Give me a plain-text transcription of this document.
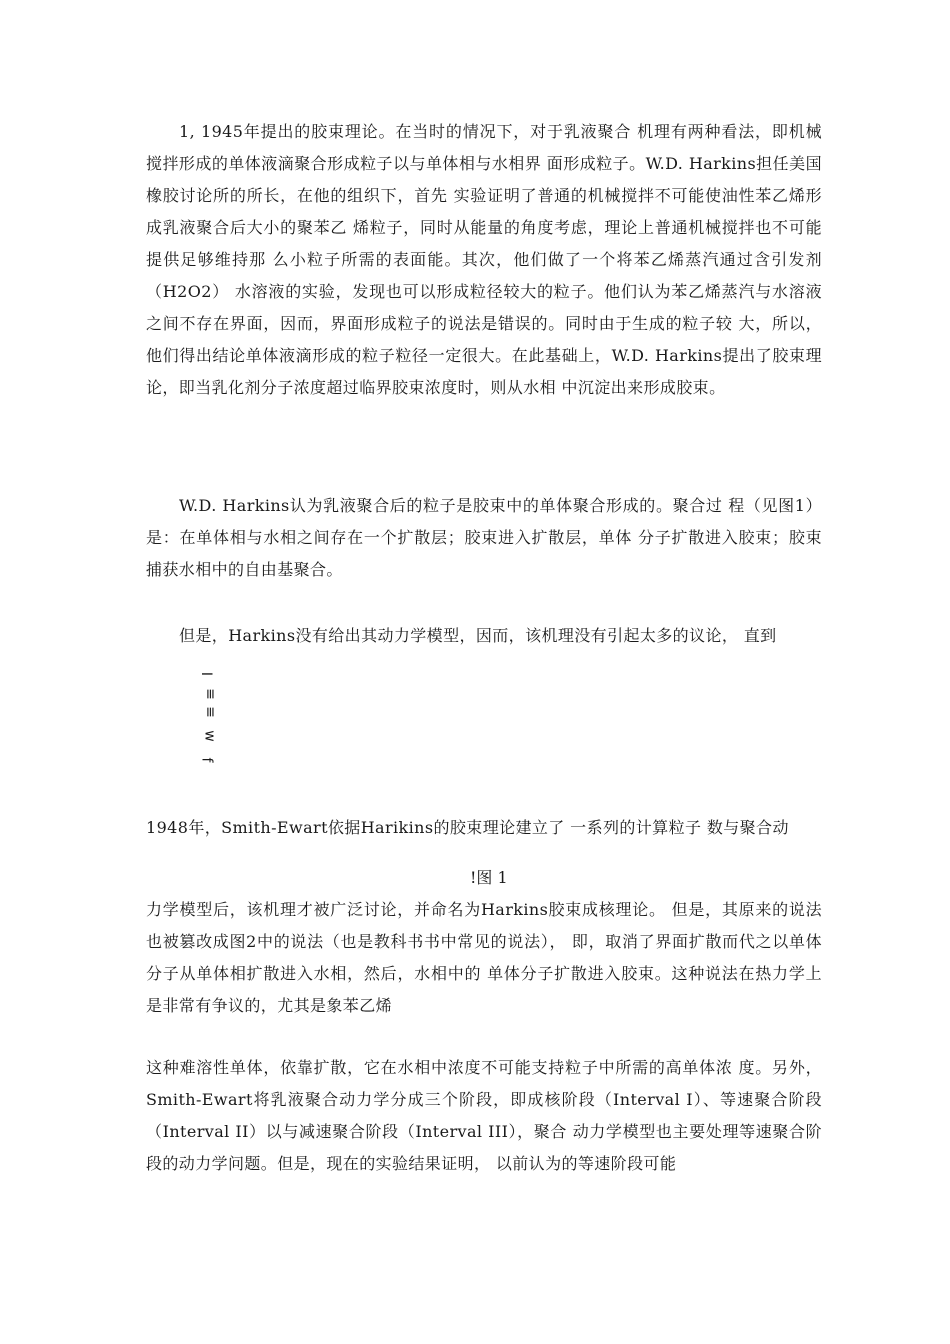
1, 1945年提出的胶束理论。在当时的情况下，对于乳液聚合 机理有两种看法，即机械搅拌形成的单体液滴聚合形成粒子以与单体相与水相界 面形成粒子。W.D. Harkins担任美国橡胶讨论所的所长，在他的组织下，首先 实验证明了普通的机械搅拌不可能使油性苯乙烯形成乳液聚合后大小的聚苯乙 烯粒子，同时从能量的角度考虑，理论上普通机械搅拌也不可能提供足够维持那 么小粒子所需的表面能。其次，他们做了一个将苯乙烯蒸汽通过含引发剂（H2O2） 水溶液的实验，发现也可以形成粒径较大的粒子。他们认为苯乙烯蒸汽与水溶液 之间不存在界面，因而，界面形成粒子的说法是错误的。同时由于生成的粒子较 大，所以，他们得出结论单体液滴形成的粒子粒径一定很大。在此基础上，W.D. Harkins提出了胶束理论，即当乳化剂分子浓度超过临界胶束浓度时，则从水相 中沉淀出来形成胶束。

W.D. Harkins认为乳液聚合后的粒子是胶束中的单体聚合形成的。聚合过 程（见图1）是：在单体相与水相之间存在一个扩散层；胶束进入扩散层，单体 分子扩散进入胶束；胶束捕获水相中的自由基聚合。

但是，Harkins没有给出其动力学模型，因而，该机理没有引起太多的议论， 直到

I
≡
≡
w
f

1948年，Smith-Ewart依据Harikins的胶束理论建立了 一系列的计算粒子 数与聚合动

!图 1

力学模型后，该机理才被广泛讨论，并命名为Harkins胶束成核理论。 但是，其原来的说法也被篡改成图2中的说法（也是教科书书中常见的说法）， 即，取消了界面扩散而代之以单体分子从单体相扩散进入水相，然后，水相中的 单体分子扩散进入胶束。这种说法在热力学上是非常有争议的，尤其是象苯乙烯

这种难溶性单体，依靠扩散，它在水相中浓度不可能支持粒子中所需的高单体浓 度。另外，Smith-Ewart将乳液聚合动力学分成三个阶段，即成核阶段（Interval I）、等速聚合阶段（Interval II）以与减速聚合阶段（Interval III），聚合 动力学模型也主要处理等速聚合阶段的动力学问题。但是，现在的实验结果证明， 以前认为的等速阶段可能
